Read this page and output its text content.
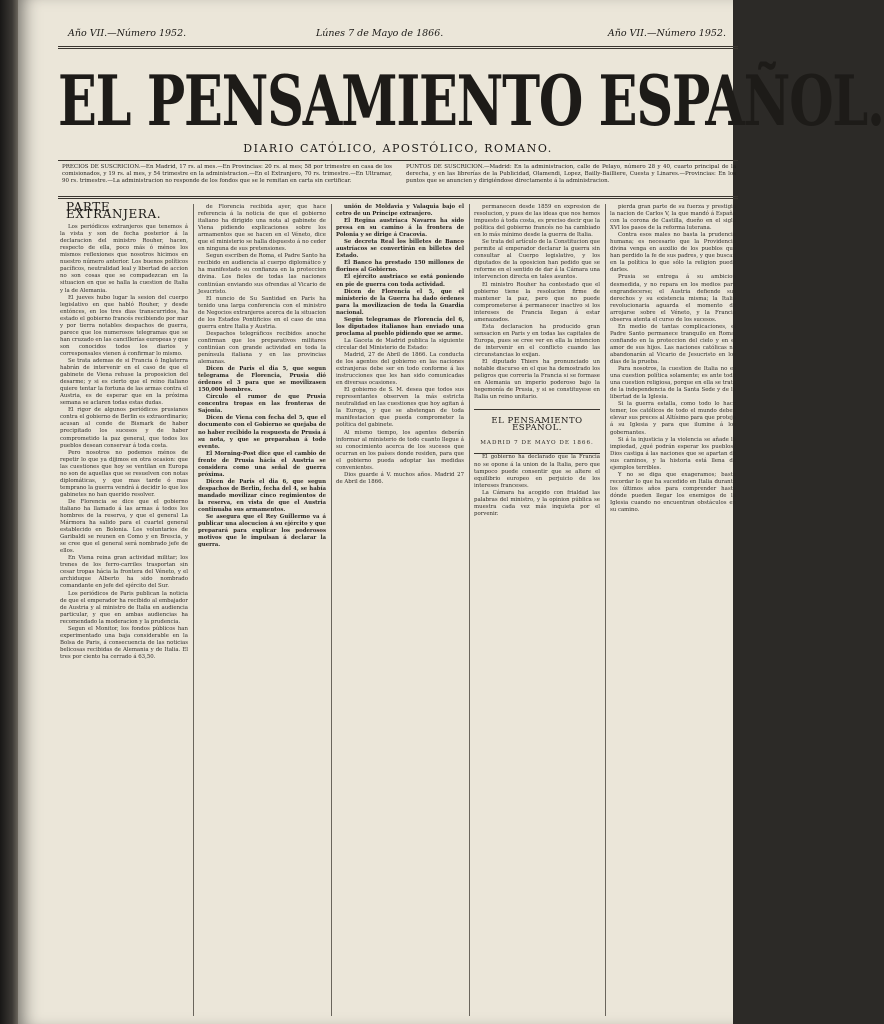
Año VII.—Número 1952.	Lúnes 7 de Mayo de 1866.	Año VII.—Número 1952.
EL PENSAMIENTO ESPAÑOL.
DIARIO CATÓLICO, APOSTÓLICO, ROMANO.
PRECIOS DE SUSCRICION.—En Madrid, 17 rs. al mes.—En Provincias: 20 rs. al mes; 58 por trimestre en casa de los comisionados, y 19 rs. al mes, y 54 trimestre en la administracion.—En el Extranjero, 70 rs. trimestre.—En Ultramar, 90 rs. trimestre.—La administracion no responde de los fondos que se le remitan en carta sin certificar.
PUNTOS DE SUSCRICION.—Madrid: En la administracion, calle de Pelayo, número 28 y 40, cuarto principal de la derecha, y en las librerías de la Publicidad, Olamendi, Lopez, Bailly-Bailliere, Cuesta y Linares.—Provincias: En los puntos que se anuncien y dirigiéndose directamente á la administracion.
PARTE EXTRANJERA.

Los periódicos extranjeros que tenemos á la vista y son de fecha posterior á la declaracion del ministro Rouher, hacen, respecto de ella, poco más ó ménos los mismos reflexiones que nosotros hicimos en nuestro número anterior. Los buenos políticos pacíficos, neutralidad leal y libertad de accion no son cosas que se compadezcan en la situacion en que se halla la cuestion de Italia y la de Alemania.

El jueves hubo lugar la sesion del cuerpo legislativo en que habló Rouher, y desde entónces, en los tres dias transcurridos, ha estado el gobierno francés recibiendo por mar y por tierra notables despachos de guerra, parece que los numerosos telegramas que se han cruzado en las cancillerías europeas y que son conocidos todos los diarios y corresponsales vienen á confirmar lo mismo.

Se trata ademas de si Francia ó Inglaterra habrán de intervenir en el caso de que el gabinete de Viena rehuse la proposicion del desarme; y si es cierto que el reino italiano quiere tentar la fortuna de las armas contra el Austria, es de esperar que en la próxima semana se aclaren todas estas dudas.

El rigor de algunos periódicos prusianos contra el gobierno de Berlin es extraordinario; acusan al conde de Bismark de haber precipitado los sucesos y de haber comprometido la paz general, que todos los pueblos desean conservar á toda costa.

Pero nosotros no podemos ménos de repetir lo que ya dijimos en otra ocasion: que las cuestiones que hoy se ventilan en Europa no son de aquellas que se resuelven con notas diplomáticas, y que mas tarde ó mas temprano la guerra vendrá á decidir lo que los gabinetes no han querido resolver.

De Florencia se dice que el gobierno italiano ha llamado á las armas á todos los hombres de la reserva, y que el general La Mármora ha salido para el cuartel general establecido en Bolonia. Los voluntarios de Garibaldi se reunen en Como y en Brescia, y se cree que el general será nombrado jefe de ellos.

En Viena reina gran actividad militar; los trenes de los ferro-carriles trasportan sin cesar tropas hácia la frontera del Véneto, y el archiduque Alberto ha sido nombrado comandante en jefe del ejército del Sur.

Los periódicos de Paris publican la noticia de que el emperador ha recibido al embajador de Austria y al ministro de Italia en audiencia particular, y que en ambas audiencias ha recomendado la moderacion y la prudencia.

Segun el Monitor, los fondos públicos han experimentado una baja considerable en la Bolsa de Paris, á consecuencia de las noticias belicosas recibidas de Alemania y de Italia. El tres por ciento ha cerrado á 63,50.

de Florencia recibida ayer, que hace referencia á la noticia de que el gobierno italiano ha dirigido una nota al gabinete de Viena pidiendo explicaciones sobre los armamentos que se hacen en el Véneto, dice que el ministerio se halla dispuesto á no ceder en ninguna de sus pretensiones.

Segun escriben de Roma, el Padre Santo ha recibido en audiencia al cuerpo diplomático y ha manifestado su confianza en la proteccion divina. Los fieles de todas las naciones continúan enviando sus ofrendas al Vicario de Jesucristo.

El nuncio de Su Santidad en Paris ha tenido una larga conferencia con el ministro de Negocios extranjeros acerca de la situacion de los Estados Pontificios en el caso de una guerra entre Italia y Austria.

Despachos telegráficos recibidos anoche confirman que los preparativos militares continúan con grande actividad en toda la península italiana y en las provincias alemanas.

Dicen de Paris el dia 5, que segun telegrama de Florencia, Prusia dió órdenes el 3 para que se movilizasen 150,000 hombres.

Círculo el rumor de que Prusia concentra tropas en las fronteras de Sajonia.

Dicen de Viena con fecha del 5, que el documento con el Gobierno se quejaba de no haber recibido la respuesta de Prusia á su nota, y que se preparaban á todo evento.

El Morning-Post dice que el cambio de frente de Prusia hácia el Austria se considera como una señal de guerra próxima.

Dicen de Paris el dia 6, que segun despachos de Berlin, fecha del 4, se había mandado movilizar cinco regimientos de la reserva, en vista de que el Austria continuaba sus armamentos.

Se asegura que el Rey Guillermo va á publicar una alocucion á su ejército y que preparará para explicar los poderosos motivos que le impulsan á declarar la guerra.

unión de Moldavia y Valaquia bajo el cetro de un Príncipe extranjero.

El Regina austríaca Navarra ha sido presa en su camino á la frontera de Polonia y se dirige á Cracovia.

Se decreta Real los billetes de Banco austríacos se convertirán en billetes del Estado.

El Banco ha prestado 150 millones de florines al Gobierno.

El ejército austríaco se está poniendo en pie de guerra con toda actividad.

Dicen de Florencia el 5, que el ministerio de la Guerra ha dado órdenes para la movilizacion de toda la Guardia nacional.

Según telegramas de Florencia del 6, los diputados italianos han enviado una proclama al pueblo pidiendo que se arme.

La Gaceta de Madrid publica la siguiente circular del Ministerio de Estado:

Madrid, 27 de Abril de 1866. La conducta de los agentes del gobierno en las naciones extranjeras debe ser en todo conforme á las instrucciones que les han sido comunicadas en diversas ocasiones.

El gobierno de S. M. desea que todos sus representantes observen la más estricta neutralidad en las cuestiones que hoy agitan á la Europa, y que se abstengan de toda manifestacion que pueda comprometer la política del gabinete.

Al mismo tiempo, los agentes deberán informar al ministerio de todo cuanto llegue á su conocimiento acerca de los sucesos que ocurran en los países donde residen, para que el gobierno pueda adoptar las medidas convenientes.

Dios guarde á V. muchos años. Madrid 27 de Abril de 1866.

permanecen desde 1859 en expresion de resolucion, y pues de las ideas que nos hemos impuesto á toda costa, es preciso decir que la política del gobierno francés no ha cambiado en lo más mínimo desde la guerra de Italia.

Se trata del artículo de la Constitucion que permite al emperador declarar la guerra sin consultar al Cuerpo legislativo, y los diputados de la oposicion han pedido que se reforme en el sentido de dar á la Cámara una intervencion directa en tales asuntos.

El ministro Rouher ha contestado que el gobierno tiene la resolucion firme de mantener la paz, pero que no puede comprometerse á permanecer inactivo si los intereses de Francia llegan á estar amenazados.

Esta declaracion ha producido gran sensacion en Paris y en todas las capitales de Europa, pues se cree ver en ella la intencion de intervenir en el conflicto cuando las circunstancias lo exijan.

El diputado Thiers ha pronunciado un notable discurso en el que ha demostrado los peligros que correria la Francia si se formase en Alemania un imperio poderoso bajo la hegemonía de Prusia, y si se constituyese en Italia un reino unitario.

EL PENSAMIENTO ESPAÑOL.
MADRID 7 DE MAYO DE 1866.

El gobierno ha declarado que la Francia no se opone á la union de la Italia, pero que tampoco puede consentir que se altere el equilibrio europeo en perjuicio de los intereses franceses.

La Cámara ha acogido con frialdad las palabras del ministro, y la opinion pública se muestra cada vez más inquieta por el porvenir.

pierda gran parte de su fuerza y prestigio la nacion de Carlos V, la que mandó á España con la corona de Castilla, dueño en el siglo XVI los pasos de la reforma luterana.

Contra esos males no basta la prudencia humana; es necesario que la Providencia divina venga en auxilio de los pueblos que han perdido la fe de sus padres, y que buscan en la política lo que sólo la religion puede darles.

Prusia se entrega á su ambicion desmedida, y no repara en los medios para engrandecerse; el Austria defiende sus derechos y su existencia misma; la Italia revolucionaria aguarda el momento de arrojarse sobre el Véneto, y la Francia observa atenta el curso de los sucesos.

En medio de tantas complicaciones, el Padre Santo permanece tranquilo en Roma, confiando en la proteccion del cielo y en el amor de sus hijos. Las naciones católicas no abandonarán al Vicario de Jesucristo en los dias de la prueba.

Para nosotros, la cuestion de Italia no es una cuestion política solamente; es ante todo una cuestion religiosa, porque en ella se trata de la independencia de la Santa Sede y de la libertad de la Iglesia.

Si la guerra estalla, como todo lo hace temer, los católicos de todo el mundo deben elevar sus preces al Altísimo para que proteja á su Iglesia y para que ilumine á los gobernantes.

Si á la injusticia y la violencia se añade la impiedad, ¿qué podrán esperar los pueblos? Dios castiga á las naciones que se apartan de sus caminos, y la historia está llena de ejemplos terribles.

Y no se diga que exageramos; basta recordar lo que ha sucedido en Italia durante los últimos años para comprender hasta dónde pueden llegar los enemigos de la Iglesia cuando no encuentran obstáculos en su camino.
